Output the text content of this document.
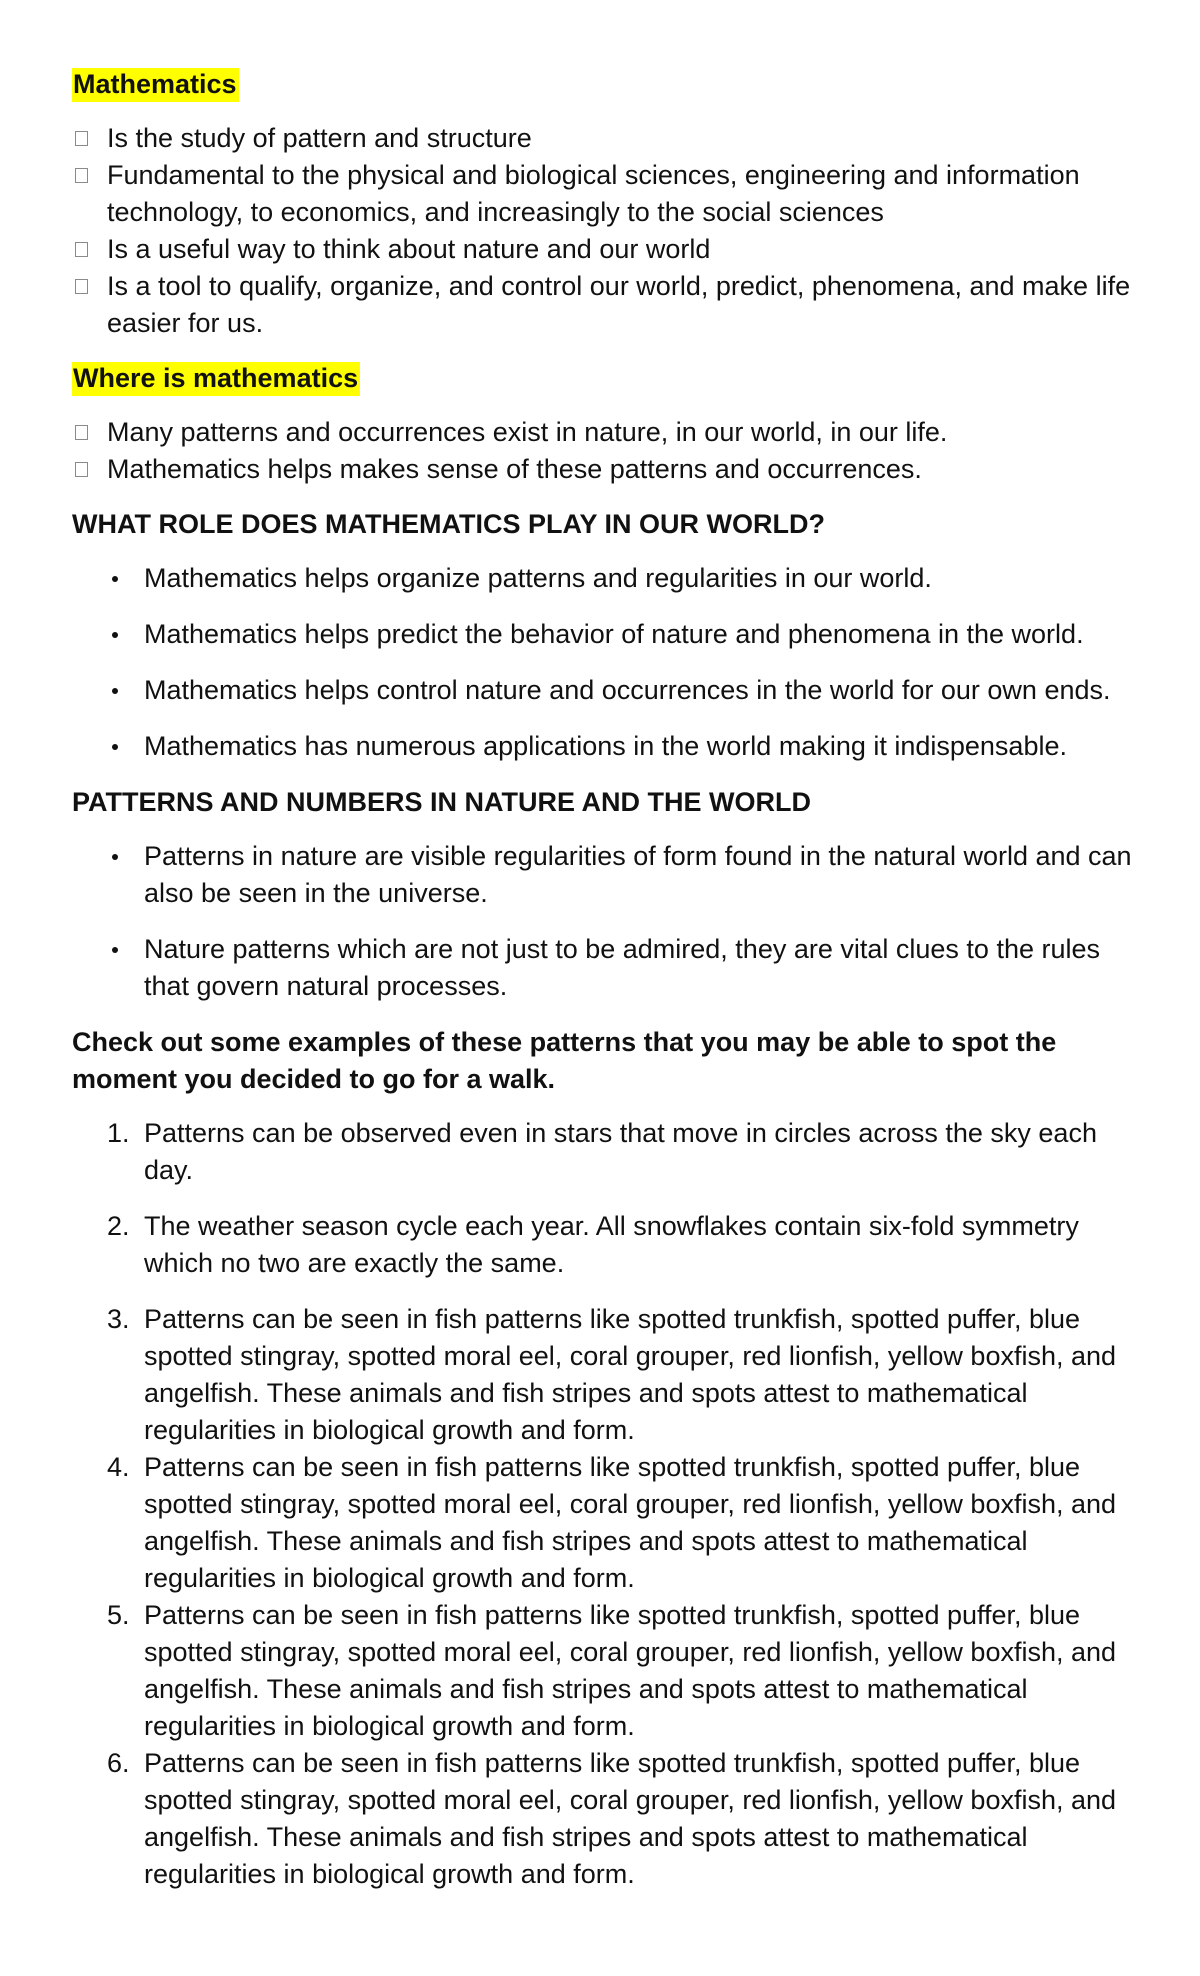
Mathematics

Is the study of pattern and structure
Fundamental to the physical and biological sciences, engineering and information technology, to economics, and increasingly to the social sciences
Is a useful way to think about nature and our world
Is a tool to qualify, organize, and control our world, predict, phenomena, and make life easier for us.

Where is mathematics

Many patterns and occurrences exist in nature, in our world, in our life.
Mathematics helps makes sense of these patterns and occurrences.

WHAT ROLE DOES MATHEMATICS PLAY IN OUR WORLD?

Mathematics helps organize patterns and regularities in our world.
Mathematics helps predict the behavior of nature and phenomena in the world.
Mathematics helps control nature and occurrences in the world for our own ends.
Mathematics has numerous applications in the world making it indispensable.

PATTERNS AND NUMBERS IN NATURE AND THE WORLD

Patterns in nature are visible regularities of form found in the natural world and can also be seen in the universe.
Nature patterns which are not just to be admired, they are vital clues to the rules that govern natural processes.

Check out some examples of these patterns that you may be able to spot the moment you decided to go for a walk.

1. Patterns can be observed even in stars that move in circles across the sky each day.
2. The weather season cycle each year. All snowflakes contain six-fold symmetry which no two are exactly the same.
3. Patterns can be seen in fish patterns like spotted trunkfish, spotted puffer, blue spotted stingray, spotted moral eel, coral grouper, red lionfish, yellow boxfish, and angelfish. These animals and fish stripes and spots attest to mathematical regularities in biological growth and form.
4. Patterns can be seen in fish patterns like spotted trunkfish, spotted puffer, blue spotted stingray, spotted moral eel, coral grouper, red lionfish, yellow boxfish, and angelfish. These animals and fish stripes and spots attest to mathematical regularities in biological growth and form.
5. Patterns can be seen in fish patterns like spotted trunkfish, spotted puffer, blue spotted stingray, spotted moral eel, coral grouper, red lionfish, yellow boxfish, and angelfish. These animals and fish stripes and spots attest to mathematical regularities in biological growth and form.
6. Patterns can be seen in fish patterns like spotted trunkfish, spotted puffer, blue spotted stingray, spotted moral eel, coral grouper, red lionfish, yellow boxfish, and angelfish. These animals and fish stripes and spots attest to mathematical regularities in biological growth and form.
